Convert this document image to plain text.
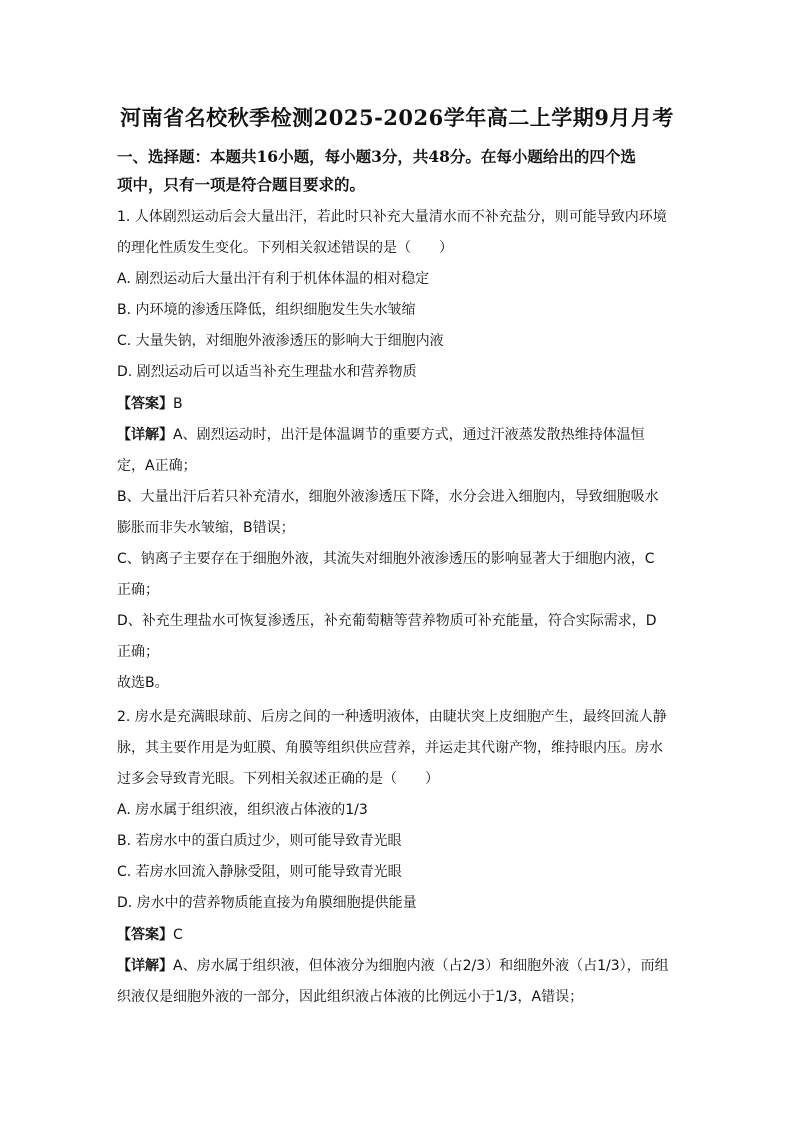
河南省名校秋季检测2025-2026学年高二上学期9月月考
一、选择题：本题共16小题，每小题3分，共48分。在每小题给出的四个选
项中，只有一项是符合题目要求的。
1. 人体剧烈运动后会大量出汗，若此时只补充大量清水而不补充盐分，则可能导致内环境
的理化性质发生变化。下列相关叙述错误的是（　　）
A. 剧烈运动后大量出汗有利于机体体温的相对稳定
B. 内环境的渗透压降低，组织细胞发生失水皱缩
C. 大量失钠，对细胞外液渗透压的影响大于细胞内液
D. 剧烈运动后可以适当补充生理盐水和营养物质
【答案】B
【详解】A、剧烈运动时，出汗是体温调节的重要方式，通过汗液蒸发散热维持体温恒
定，A正确；
B、大量出汗后若只补充清水，细胞外液渗透压下降，水分会进入细胞内，导致细胞吸水
膨胀而非失水皱缩，B错误；
C、钠离子主要存在于细胞外液，其流失对细胞外液渗透压的影响显著大于细胞内液，C
正确；
D、补充生理盐水可恢复渗透压，补充葡萄糖等营养物质可补充能量，符合实际需求，D
正确；
故选B。
2. 房水是充满眼球前、后房之间的一种透明液体，由睫状突上皮细胞产生，最终回流人静
脉，其主要作用是为虹膜、角膜等组织供应营养，并运走其代谢产物，维持眼内压。房水
过多会导致青光眼。下列相关叙述正确的是（　　）
A. 房水属于组织液，组织液占体液的1/3
B. 若房水中的蛋白质过少，则可能导致青光眼
C. 若房水回流入静脉受阻，则可能导致青光眼
D. 房水中的营养物质能直接为角膜细胞提供能量
【答案】C
【详解】A、房水属于组织液，但体液分为细胞内液（占2/3）和细胞外液（占1/3），而组
织液仅是细胞外液的一部分，因此组织液占体液的比例远小于1/3，A错误；
